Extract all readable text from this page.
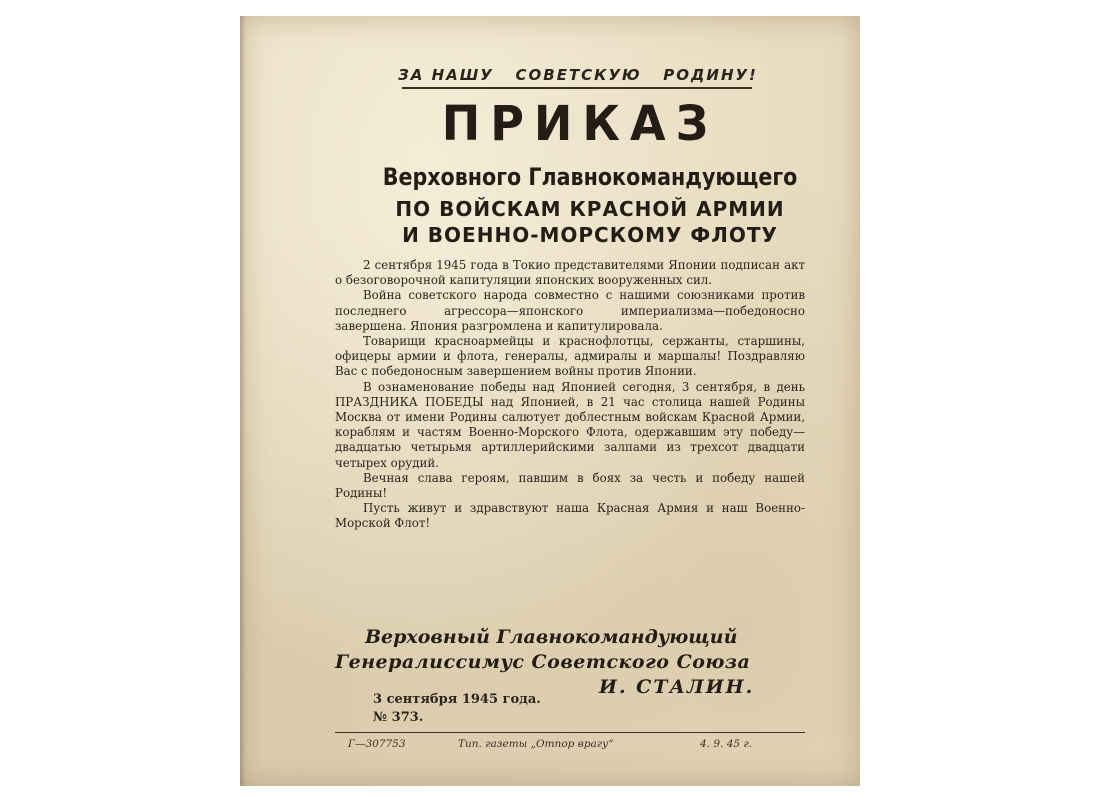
ЗА НАШУ   СОВЕТСКУЮ   РОДИНУ!
ПРИКАЗ
Верховного Главнокомандующего
ПО ВОЙСКАМ КРАСНОЙ АРМИИ
И ВОЕННО-МОРСКОМУ ФЛОТУ

2 сентября 1945 года в Токио представителями Японии подписан акт о безоговорочной капитуляции японских вооруженных сил.

Война советского народа совместно с нашими союзниками против последнего агрессора—японского империализма—победоносно завершена. Япония разгромлена и капитулировала.

Товарищи красноармейцы и краснофлотцы, сержанты, старшины, офицеры армии и флота, генералы, адмиралы и маршалы! Поздравляю Вас с победоносным завершением войны против Японии.

В ознаменование победы над Японией сегодня, 3 сентября, в день ПРАЗДНИКА ПОБЕДЫ над Японией, в 21 час столица нашей Родины Москва от имени Родины салютует доблестным войскам Красной Армии, кораблям и частям Военно-Морского Флота, одержавшим эту победу—двадцатью четырьмя артиллерийскими залпами из трехсот двадцати четырех орудий.

Вечная слава героям, павшим в боях за честь и победу нашей Родины!

Пусть живут и здравствуют наша Красная Армия и наш Военно-Морской Флот!

Верховный Главнокомандующий
Генералиссимус Советского Союза
И. СТАЛИН.
3 сентября 1945 года.
№ 373.
Г—307753	Тип. газеты „Отпор врагу“	4. 9. 45 г.
